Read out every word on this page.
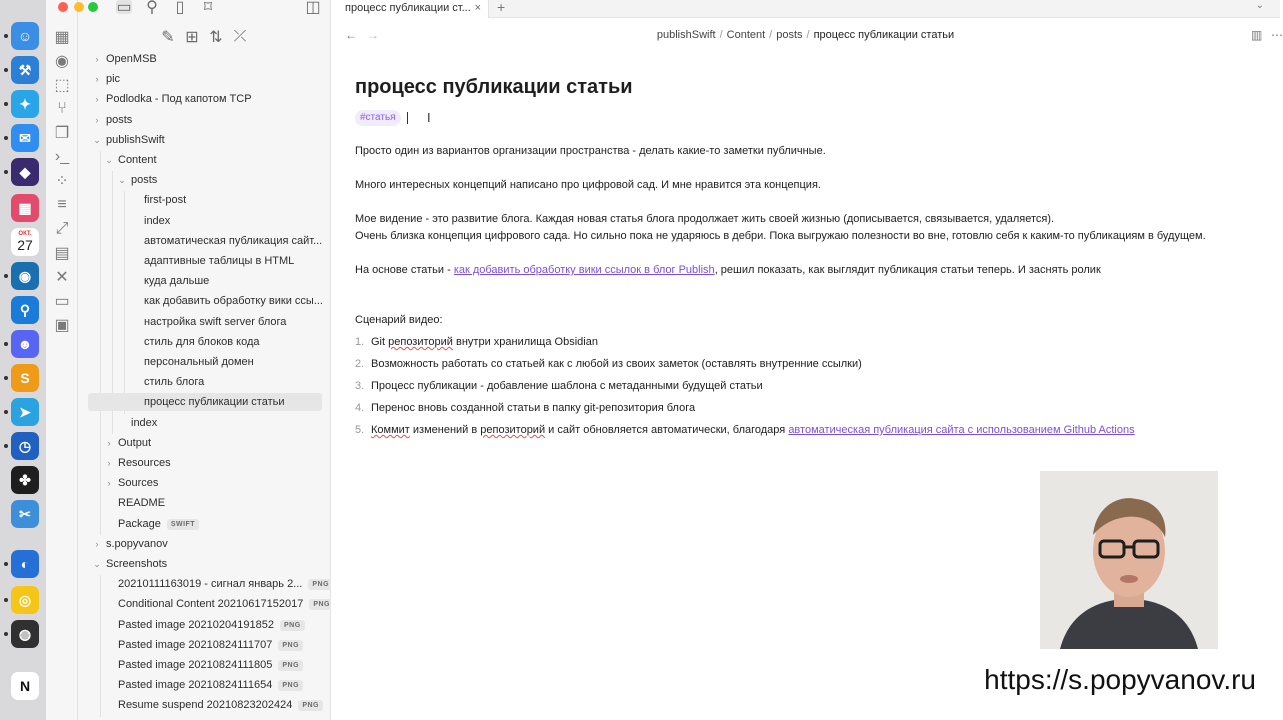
☺
⚒
✦
✉
◆
▦
ОКТ.
27
◉
⚲
☻
S
➤
◷
✤
✂
◐
◎
◍
N
▦
◉
⬚
⑂
❐
›_
⁘
≡
⤢
▤
✕
▭
▣
▭ ⚲ ▯ ⌑	◫
✎ ⊞ ⇅ ⤫
› OpenMSB
› pic
› Podlodka - Под капотом TCP
› posts
⌄ publishSwift
⌄ Content
⌄ posts
first-post
index
автоматическая публикация сайт...
адаптивные таблицы в HTML
куда дальше
как добавить обработку вики ссы...
настройка swift server блога
стиль для блоков кода
персональный домен
стиль блога
процесс публикации статьи
index
› Output
› Resources
› Sources
README
Package SWIFT
› s.popyvanov
⌄ Screenshots
20210111163019 - сигнал январь 2... PNG
Conditional Content 20210617152017 PNG
Pasted image 20210204191852 PNG
Pasted image 20210824111707 PNG
Pasted image 20210824111805 PNG
Pasted image 20210824111654 PNG
Resume suspend 20210823202424 PNG
процесс публикации ст... × +	⌄
← →	publishSwift / Content / posts / процесс публикации статьи	▥ ⋯
процесс публикации статьи
#статья	I
Просто один из вариантов организации пространства - делать какие-то заметки публичные.
Много интересных концепций написано про цифровой сад. И мне нравится эта концепция.
Мое видение - это развитие блога. Каждая новая статья блога продолжает жить своей жизнью (дописывается, связывается, удаляется).
Очень близка концепция цифрового сада. Но сильно пока не ударяюсь в дебри. Пока выгружаю полезности во вне, готовлю себя к каким-то публикациям в будущем.
На основе статьи - как добавить обработку вики ссылок в блог Publish, решил показать, как выглядит публикация статьи теперь. И заснять ролик
Сценарий видео:
1. Git репозиторий внутри хранилища Obsidian
2. Возможность работать со статьей как с любой из своих заметок (оставлять внутренние ссылки)
3. Процесс публикации - добавление шаблона с метаданными будущей статьи
4. Перенос вновь созданной статьи в папку git-репозитория блога
5. Коммит изменений в репозиторий и сайт обновляется автоматически, благодаря автоматическая публикация сайта с использованием Github Actions
https://s.popyvanov.ru
